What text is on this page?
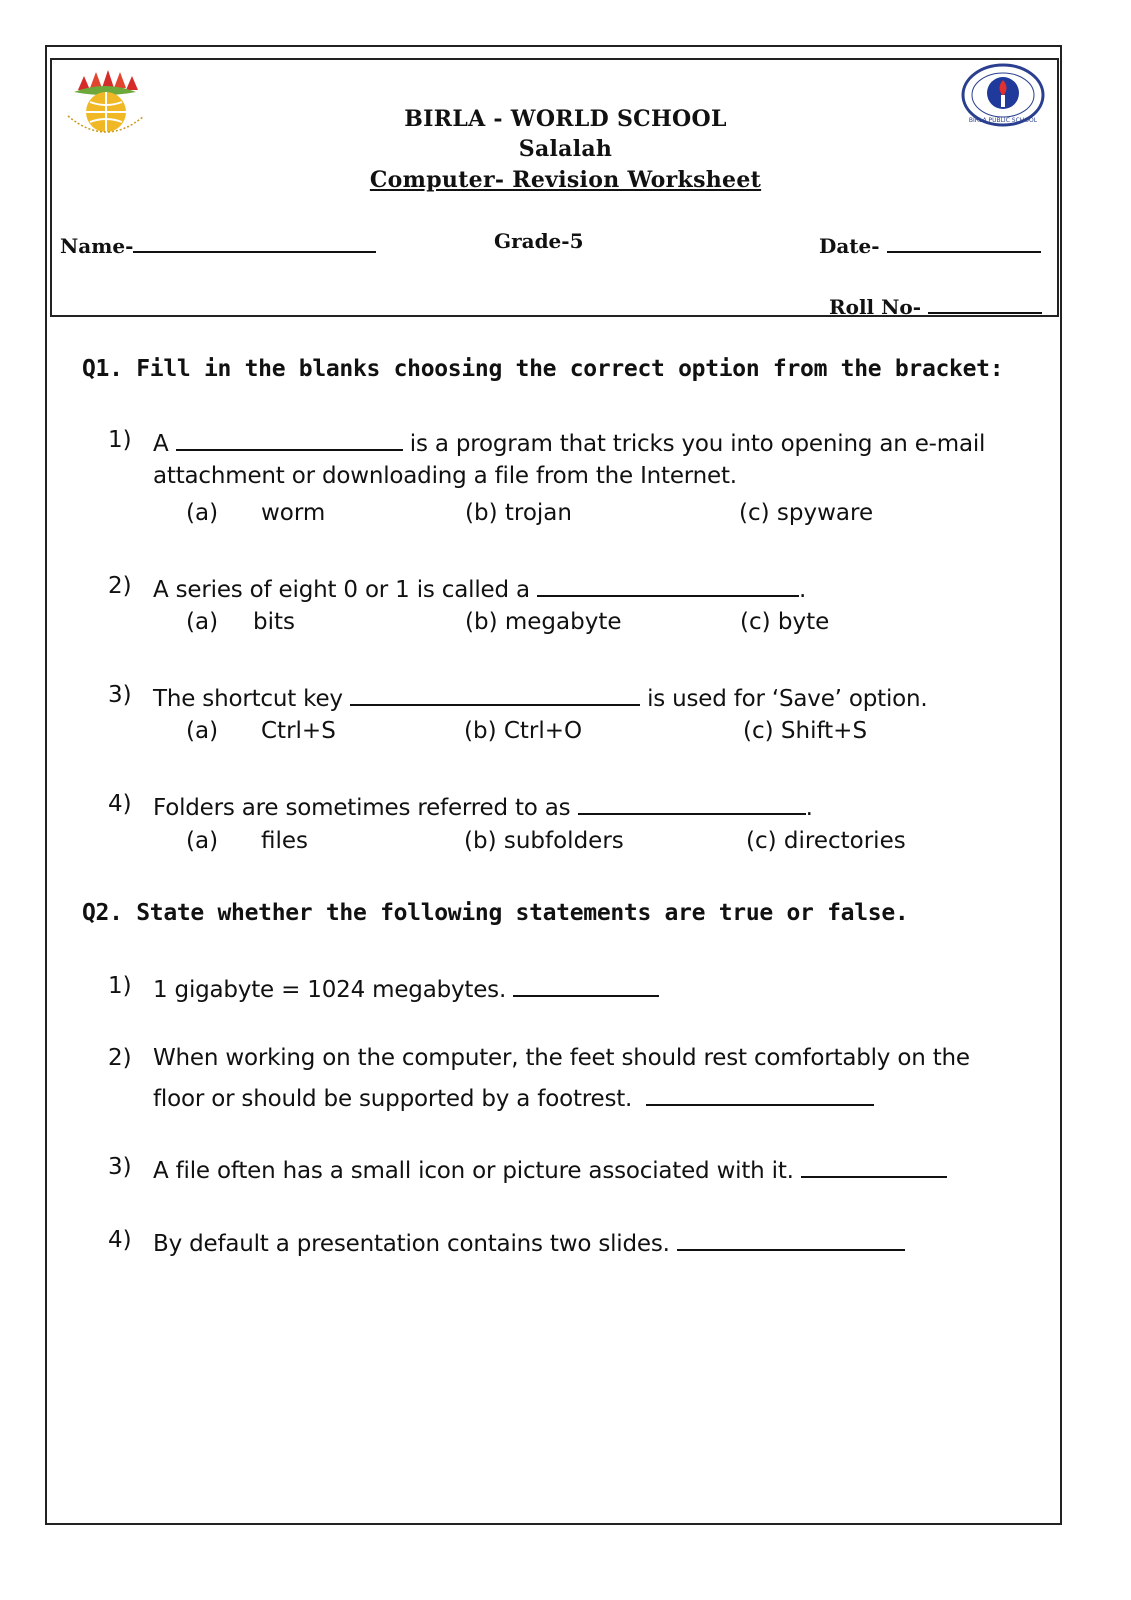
BIRLA PUBLIC SCHOOL
BIRLA - WORLD SCHOOL
Salalah
Computer- Revision Worksheet
Name-	Grade-5	Date-
Roll No-
Q1. Fill in the blanks choosing the correct option from the bracket:
1) A	is a program that tricks you into opening an e-mail
attachment or downloading a file from the Internet.
(a) worm	(b) trojan	(c) spyware
2) A series of eight 0 or 1 is called a	.
(a) bits	(b) megabyte	(c) byte
3) The shortcut key	is used for ‘Save’ option.
(a) Ctrl+S	(b) Ctrl+O	(c) Shift+S
4) Folders are sometimes referred to as	.
(a) files	(b) subfolders	(c) directories
Q2. State whether the following statements are true or false.
1) 1 gigabyte = 1024 megabytes.
2) When working on the computer, the feet should rest comfortably on the
floor or should be supported by a footrest.
3) A file often has a small icon or picture associated with it.
4) By default a presentation contains two slides.
